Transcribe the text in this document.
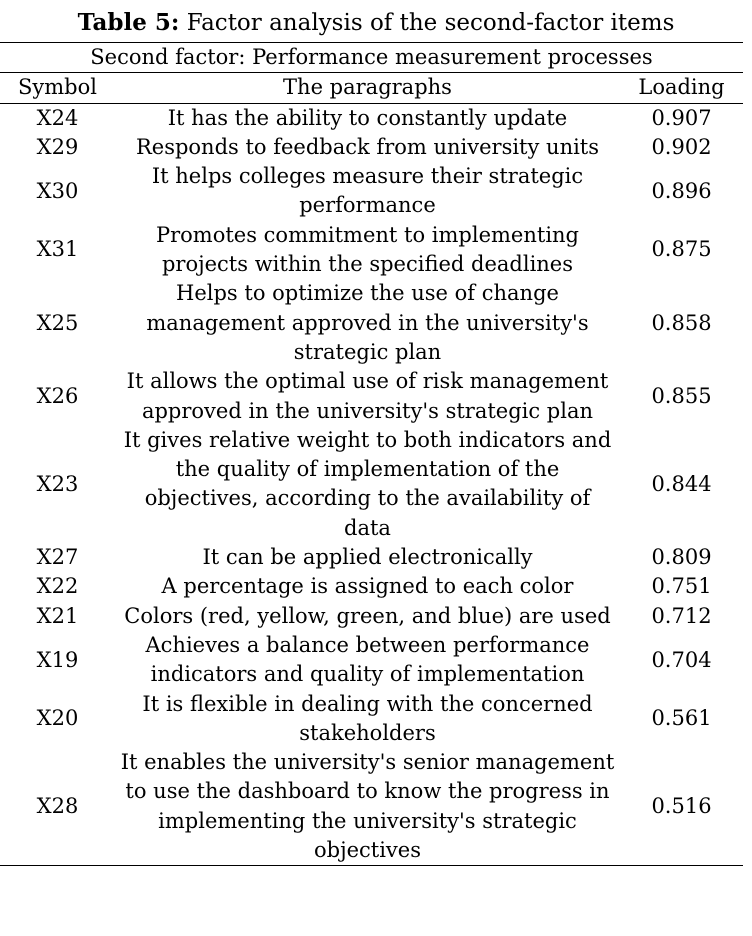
Table 5: Factor analysis of the second-factor items
Second factor: Performance measurement processes		
Symbol	The paragraphs	Loading
X24	It has the ability to constantly update	0.907
X29	Responds to feedback from university units	0.902
X30	It helps colleges measure their strategic performance	0.896
X31	Promotes commitment to implementing projects within the specified deadlines	0.875
X25	Helps to optimize the use of change management approved in the university's strategic plan	0.858
X26	It allows the optimal use of risk management approved in the university's strategic plan	0.855
X23	It gives relative weight to both indicators and the quality of implementation of the objectives, according to the availability of data	0.844
X27	It can be applied electronically	0.809
X22	A percentage is assigned to each color	0.751
X21	Colors (red, yellow, green, and blue) are used	0.712
X19	Achieves a balance between performance indicators and quality of implementation	0.704
X20	It is flexible in dealing with the concerned stakeholders	0.561
X28	It enables the university's senior management to use the dashboard to know the progress in implementing the university's strategic objectives	0.516
